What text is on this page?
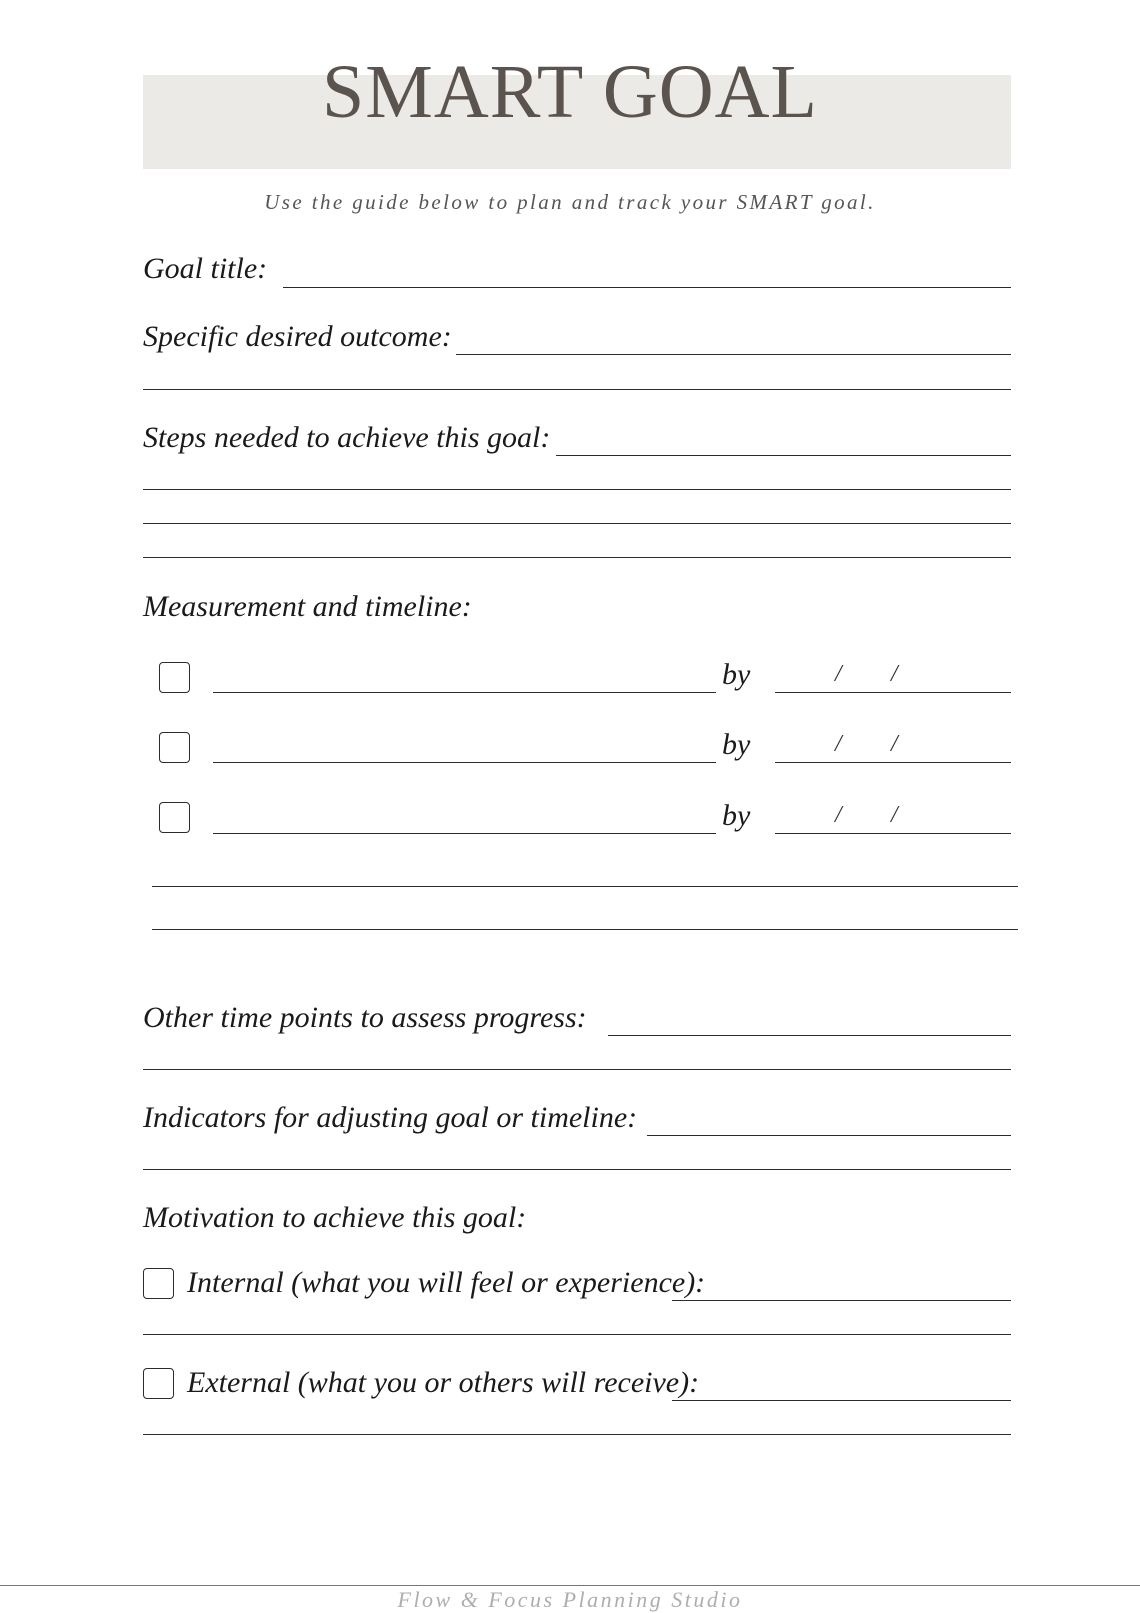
SMART GOAL
Use the guide below to plan and track your SMART goal.
Goal title:
Specific desired outcome:
Steps needed to achieve this goal:
Measurement and timeline:
by	/ /
by	/ /
by	/ /
Other time points to assess progress:
Indicators for adjusting goal or timeline:
Motivation to achieve this goal:
Internal (what you will feel or experience):
External (what you or others will receive):
Flow & Focus Planning Studio
